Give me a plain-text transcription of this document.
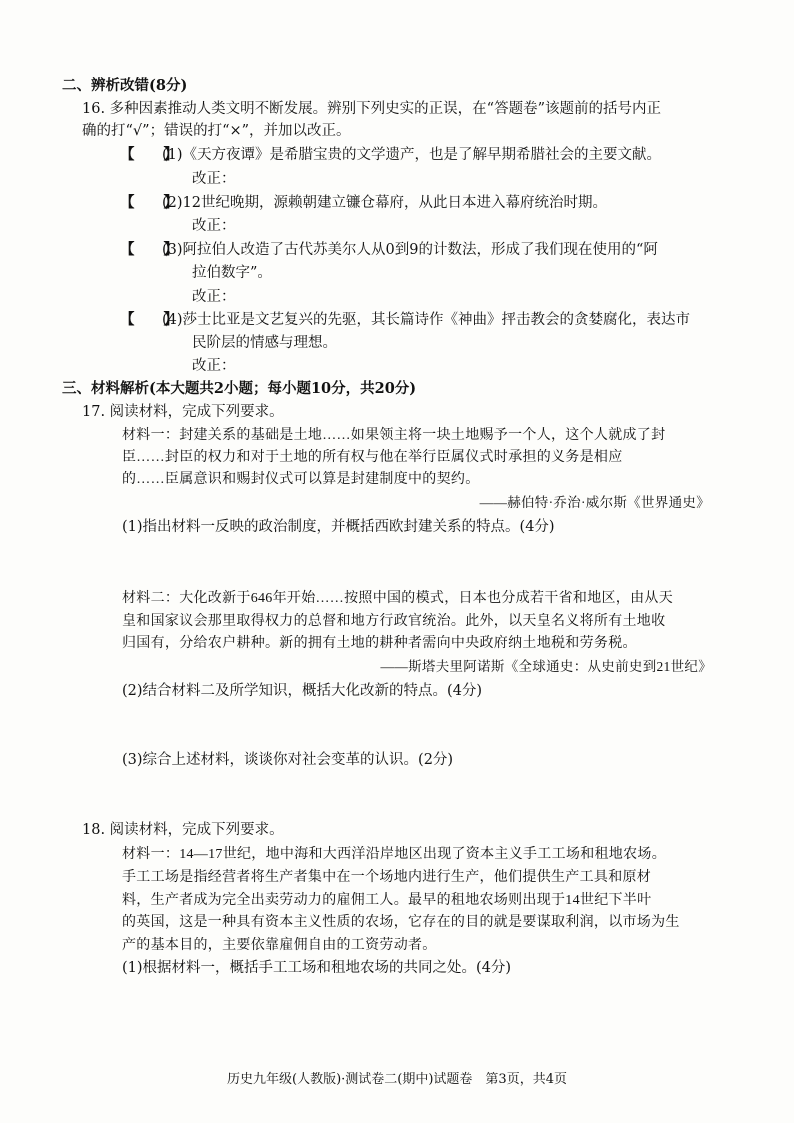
二、辨析改错(8分)
16. 多种因素推动人类文明不断发展。辨别下列史实的正误，在“答题卷”该题前的括号内正
确的打“√”；错误的打“×”，并加以改正。
【　　】(1)《天方夜谭》是希腊宝贵的文学遗产，也是了解早期希腊社会的主要文献。
改正：
【　　】(2)12世纪晚期，源赖朝建立镰仓幕府，从此日本进入幕府统治时期。
改正：
【　　】(3)阿拉伯人改造了古代苏美尔人从0到9的计数法，形成了我们现在使用的“阿
拉伯数字”。
改正：
【　　】(4)莎士比亚是文艺复兴的先驱，其长篇诗作《神曲》抨击教会的贪婪腐化，表达市
民阶层的情感与理想。
改正：
三、材料解析(本大题共2小题；每小题10分，共20分)
17. 阅读材料，完成下列要求。
材料一：封建关系的基础是土地……如果领主将一块土地赐予一个人，这个人就成了封
臣……封臣的权力和对于土地的所有权与他在举行臣属仪式时承担的义务是相应
的……臣属意识和赐封仪式可以算是封建制度中的契约。
——赫伯特·乔治·威尔斯《世界通史》
(1)指出材料一反映的政治制度，并概括西欧封建关系的特点。(4分)
材料二：大化改新于646年开始……按照中国的模式，日本也分成若干省和地区，由从天
皇和国家议会那里取得权力的总督和地方行政官统治。此外，以天皇名义将所有土地收
归国有，分给农户耕种。新的拥有土地的耕种者需向中央政府纳土地税和劳务税。
——斯塔夫里阿诺斯《全球通史：从史前史到21世纪》
(2)结合材料二及所学知识，概括大化改新的特点。(4分)
(3)综合上述材料，谈谈你对社会变革的认识。(2分)
18. 阅读材料，完成下列要求。
材料一：14—17世纪，地中海和大西洋沿岸地区出现了资本主义手工工场和租地农场。
手工工场是指经营者将生产者集中在一个场地内进行生产，他们提供生产工具和原材
料，生产者成为完全出卖劳动力的雇佣工人。最早的租地农场则出现于14世纪下半叶
的英国，这是一种具有资本主义性质的农场，它存在的目的就是要谋取利润，以市场为生
产的基本目的，主要依靠雇佣自由的工资劳动者。
(1)根据材料一，概括手工工场和租地农场的共同之处。(4分)
历史九年级(人教版)·测试卷二(期中)试题卷　第3页，共4页
